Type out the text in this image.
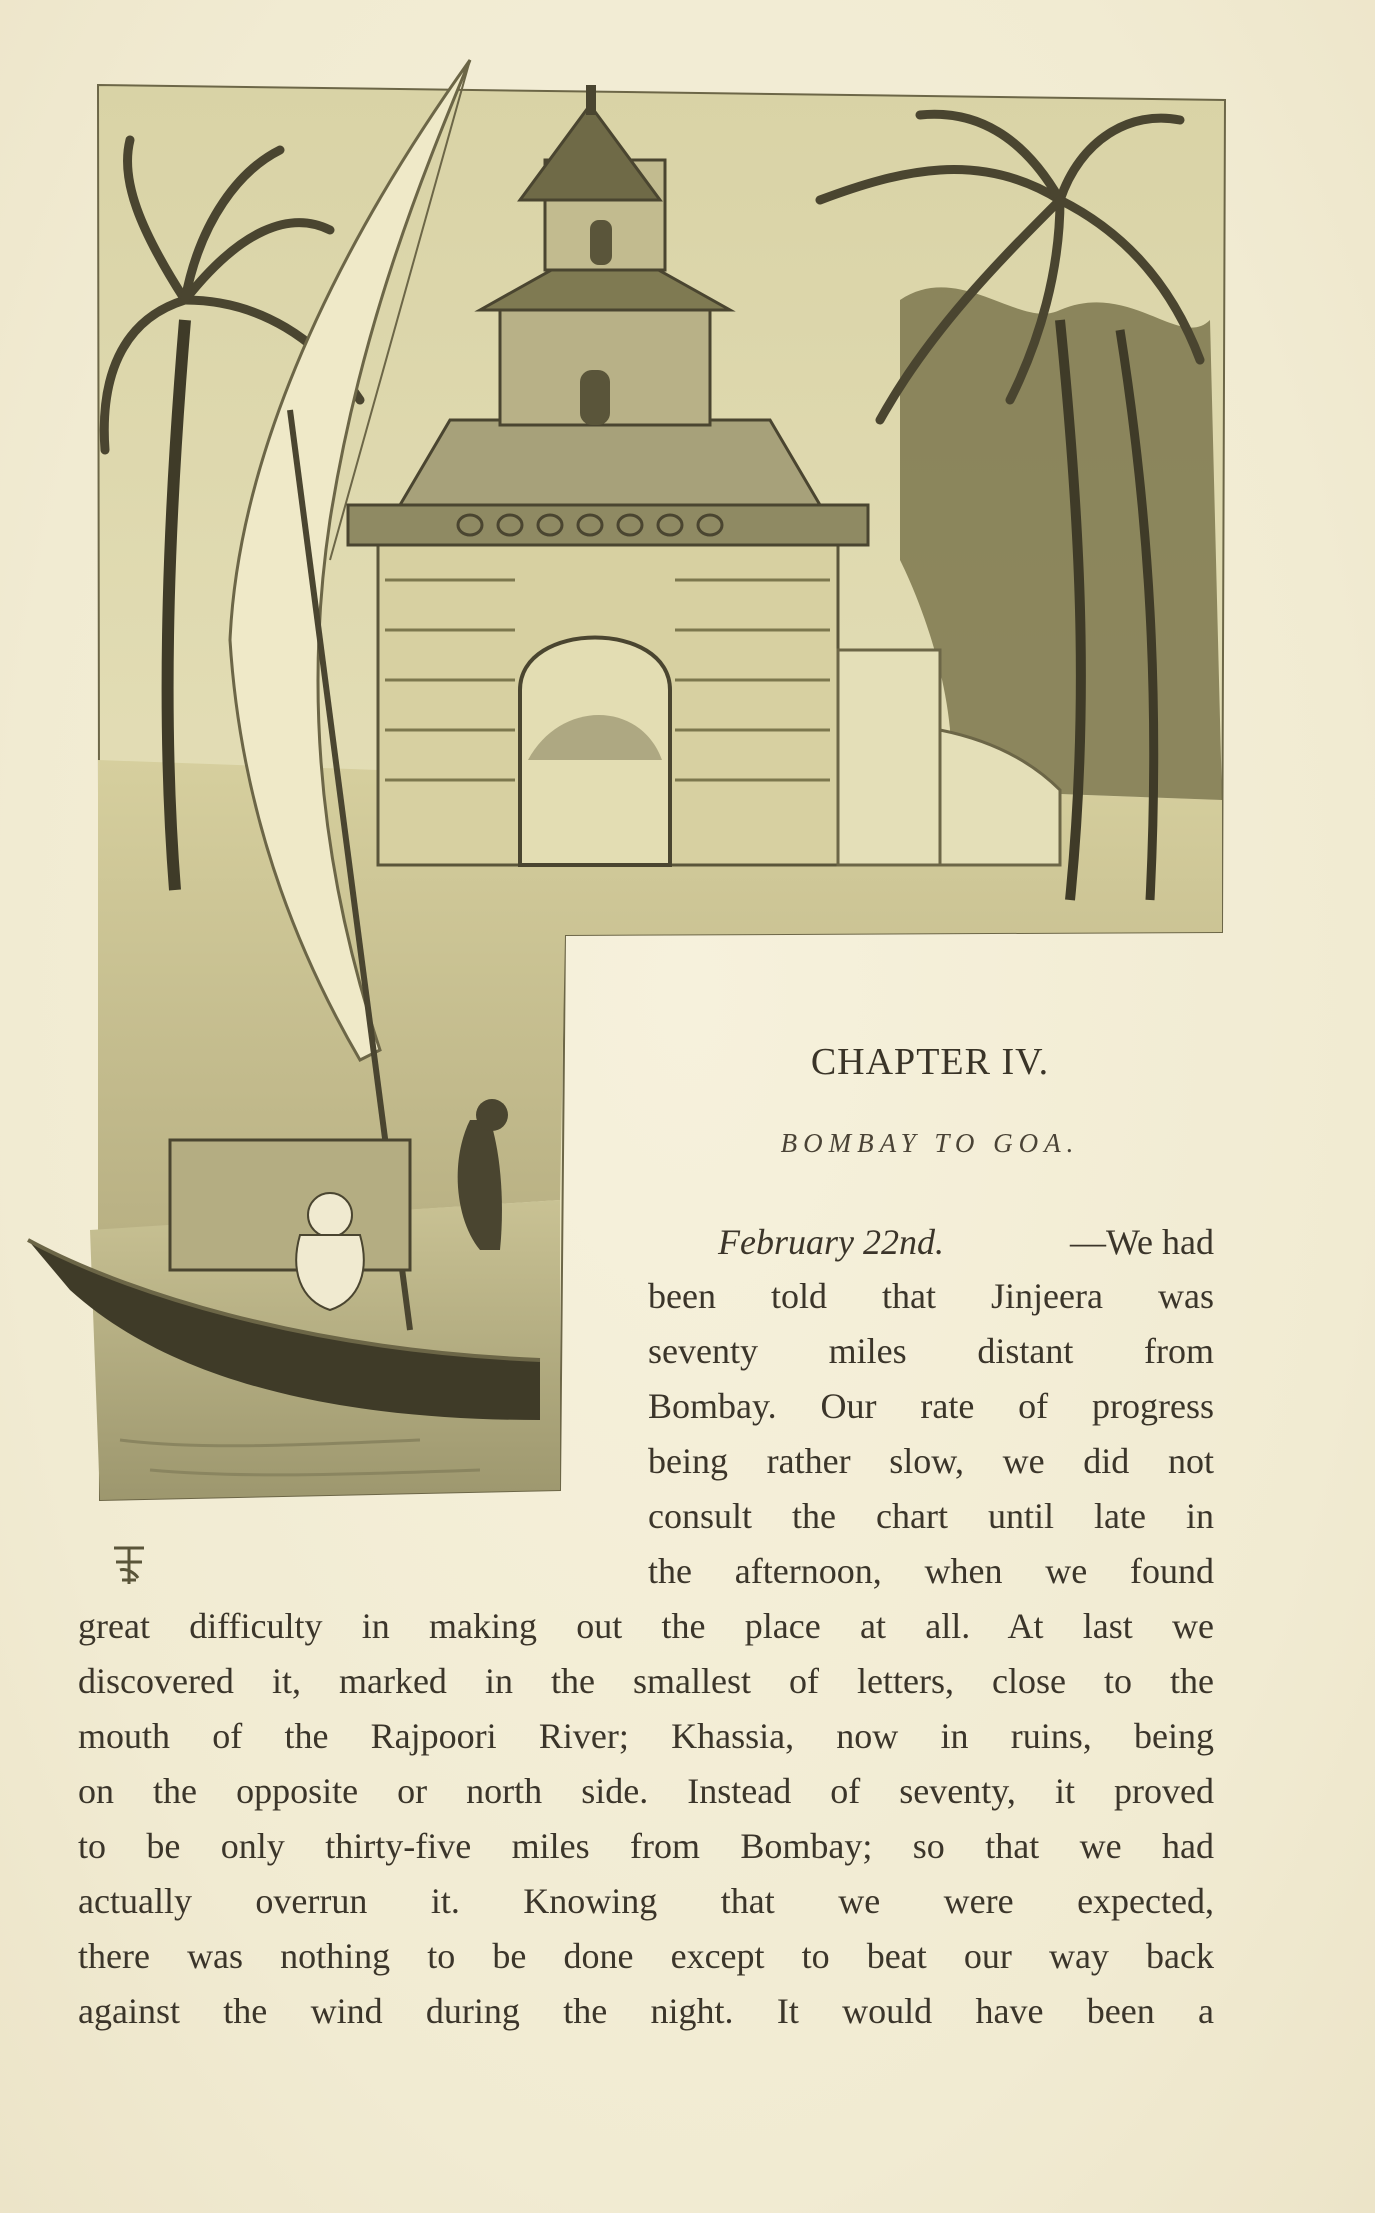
CHAPTER IV.
BOMBAY TO GOA.
February 22nd.	—We had
been told that Jinjeera was
seventy miles distant from
Bombay. Our rate of progress
being rather slow, we did not
consult the chart until late in
the afternoon, when we found
great difficulty in making out the place at all. At last we
discovered it, marked in the smallest of letters, close to the
mouth of the Rajpoori River; Khassia, now in ruins, being
on the opposite or north side. Instead of seventy, it proved
to be only thirty-five miles from Bombay; so that we had
actually overrun it. Knowing that we were expected,
there was nothing to be done except to beat our way back
against the wind during the night. It would have been a
